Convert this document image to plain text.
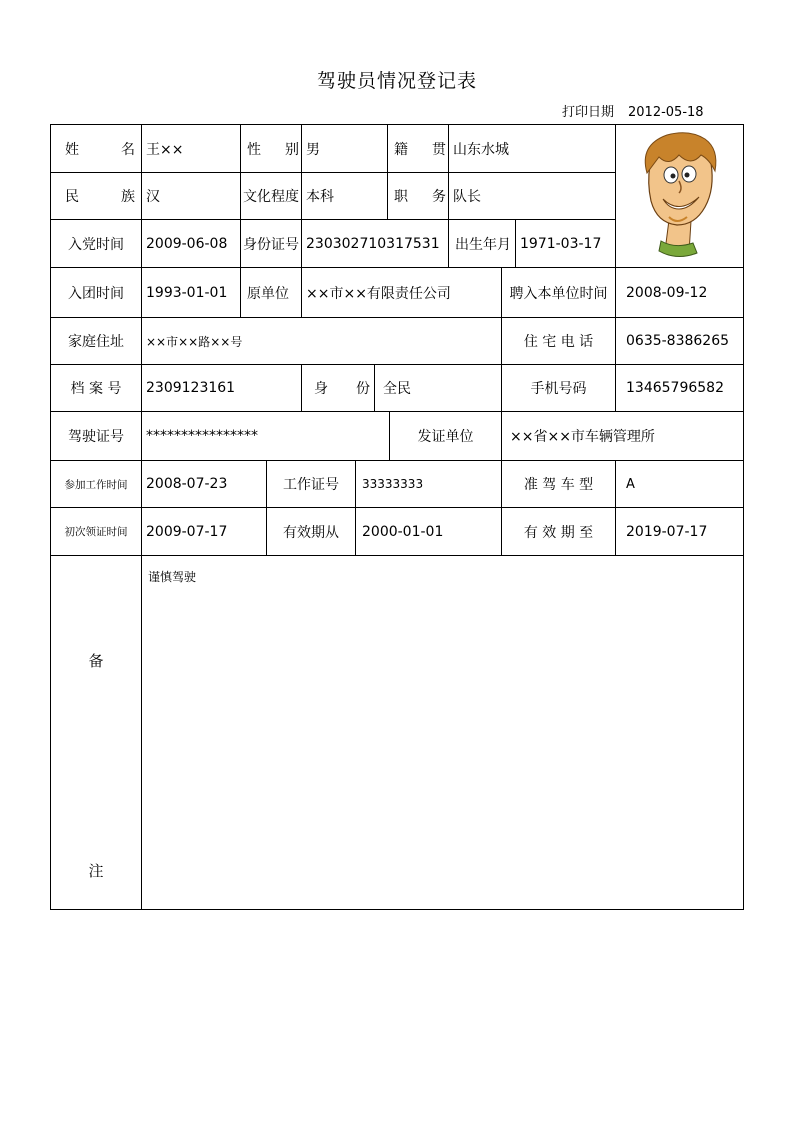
驾驶员情况登记表
打印日期 2012-05-18
姓	名 王××	性 别 男	籍 贯 山东水城
民	族 汉	文化程度 本科	职 务 队长
入党时间	2009-06-08	身份证号 230302710317531	出生年月 1971-03-17
入团时间	1993-01-01	原单位	××市××有限责任公司	聘入本单位时间	2008-09-12
家庭住址	××市××路××号	住 宅 电 话	0635-8386265
档 案 号	2309123161	身 份 全民	手机号码	13465796582
驾驶证号	****************	发证单位	××省××市车辆管理所
参加工作时间	2008-07-23	工作证号	33333333	准 驾 车 型	A
初次领证时间	2009-07-17	有效期从	2000-01-01	有 效 期 至	2019-07-17
备
注
谨慎驾驶
